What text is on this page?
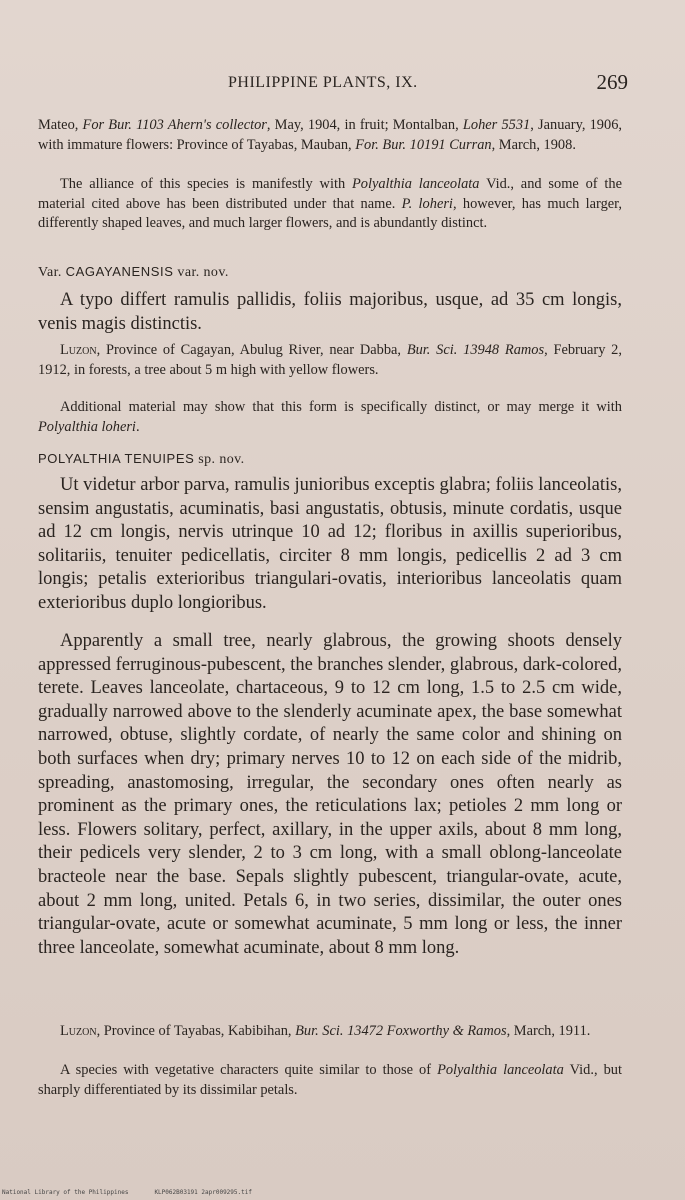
PHILIPPINE PLANTS, IX.	269

Mateo, For Bur. 1103 Ahern's collector, May, 1904, in fruit; Montalban, Loher 5531, January, 1906, with immature flowers: Province of Tayabas, Mauban, For. Bur. 10191 Curran, March, 1908.

The alliance of this species is manifestly with Polyalthia lanceolata Vid., and some of the material cited above has been distributed under that name. P. loheri, however, has much larger, differently shaped leaves, and much larger flowers, and is abundantly distinct.

Var. CAGAYANENSIS var. nov.

A typo differt ramulis pallidis, foliis majoribus, usque, ad 35 cm longis, venis magis distinctis.

Luzon, Province of Cagayan, Abulug River, near Dabba, Bur. Sci. 13948 Ramos, February 2, 1912, in forests, a tree about 5 m high with yellow flowers.

Additional material may show that this form is specifically distinct, or may merge it with Polyalthia loheri.

POLYALTHIA TENUIPES sp. nov.

Ut videtur arbor parva, ramulis junioribus exceptis glabra; foliis lanceolatis, sensim angustatis, acuminatis, basi angustatis, obtusis, minute cordatis, usque ad 12 cm longis, nervis utrinque 10 ad 12; floribus in axillis superioribus, solitariis, tenuiter pedicellatis, circiter 8 mm longis, pedicellis 2 ad 3 cm longis; petalis exterioribus triangulari-ovatis, interioribus lanceolatis quam exterioribus duplo longioribus.

Apparently a small tree, nearly glabrous, the growing shoots densely appressed ferruginous-pubescent, the branches slender, glabrous, dark-colored, terete. Leaves lanceolate, chartaceous, 9 to 12 cm long, 1.5 to 2.5 cm wide, gradually narrowed above to the slenderly acuminate apex, the base somewhat narrowed, obtuse, slightly cordate, of nearly the same color and shining on both surfaces when dry; primary nerves 10 to 12 on each side of the midrib, spreading, anastomosing, irregular, the secondary ones often nearly as prominent as the primary ones, the reticulations lax; petioles 2 mm long or less. Flowers solitary, perfect, axillary, in the upper axils, about 8 mm long, their pedicels very slender, 2 to 3 cm long, with a small oblong-lanceolate bracteole near the base. Sepals slightly pubescent, triangular-ovate, acute, about 2 mm long, united. Petals 6, in two series, dissimilar, the outer ones triangular-ovate, acute or somewhat acuminate, 5 mm long or less, the inner three lanceolate, somewhat acuminate, about 8 mm long.

Luzon, Province of Tayabas, Kabibihan, Bur. Sci. 13472 Foxworthy & Ramos, March, 1911.

A species with vegetative characters quite similar to those of Polyalthia lanceolata Vid., but sharply differentiated by its dissimilar petals.

National Library of the Philippines	KLP062B03191 2apr009295.tif
